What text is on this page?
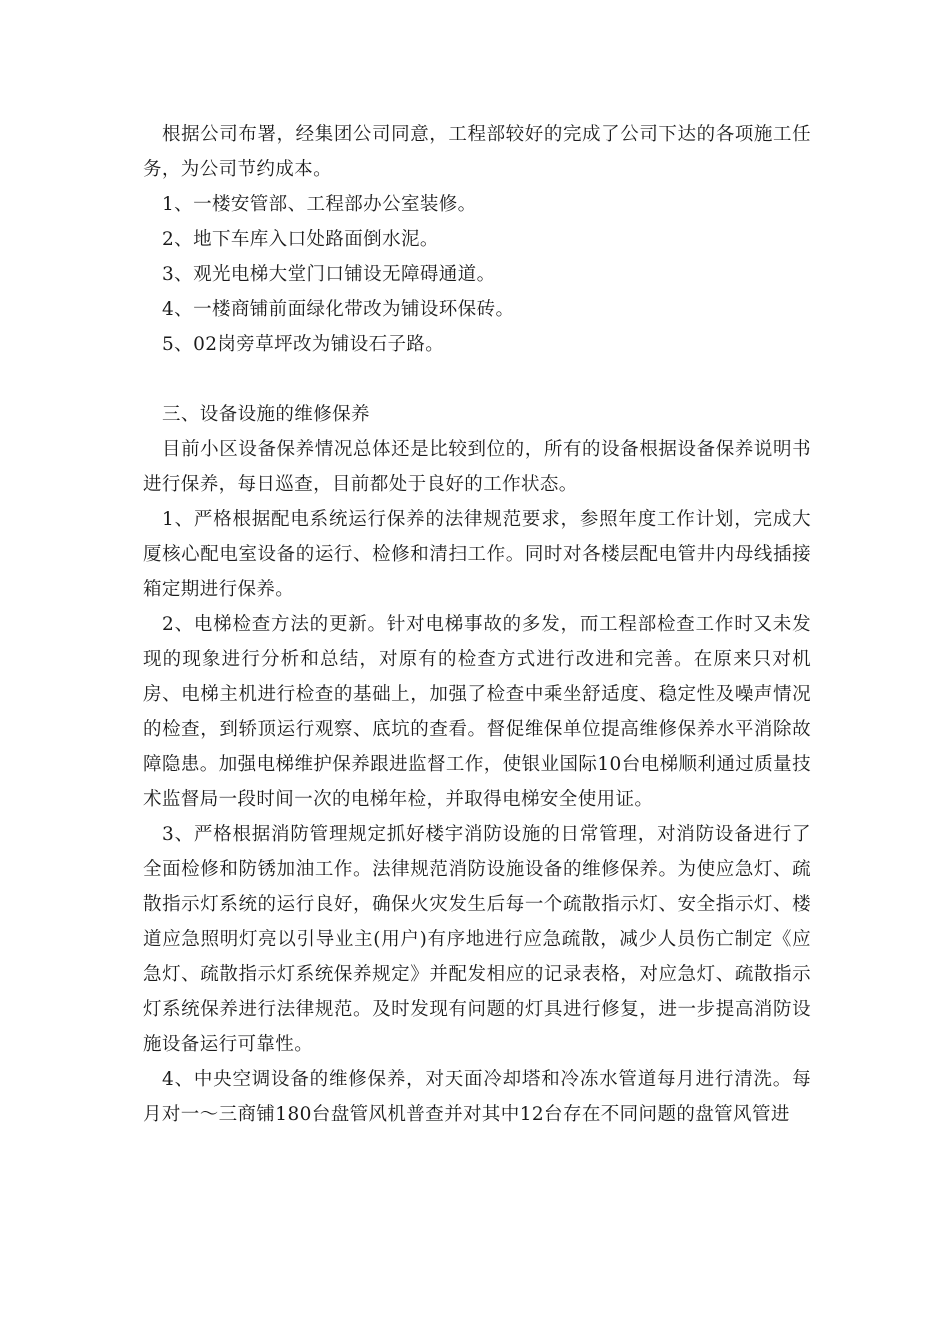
根据公司布署，经集团公司同意，工程部较好的完成了公司下达的各项施工任务，为公司节约成本。

1、一楼安管部、工程部办公室装修。

2、地下车库入口处路面倒水泥。

3、观光电梯大堂门口铺设无障碍通道。

4、一楼商铺前面绿化带改为铺设环保砖。

5、02岗旁草坪改为铺设石子路。

三、设备设施的维修保养

目前小区设备保养情况总体还是比较到位的，所有的设备根据设备保养说明书进行保养，每日巡查，目前都处于良好的工作状态。

1、严格根据配电系统运行保养的法律规范要求，参照年度工作计划，完成大厦核心配电室设备的运行、检修和清扫工作。同时对各楼层配电管井内母线插接箱定期进行保养。

2、电梯检查方法的更新。针对电梯事故的多发，而工程部检查工作时又未发现的现象进行分析和总结，对原有的检查方式进行改进和完善。在原来只对机房、电梯主机进行检查的基础上，加强了检查中乘坐舒适度、稳定性及噪声情况的检查，到轿顶运行观察、底坑的查看。督促维保单位提高维修保养水平消除故障隐患。加强电梯维护保养跟进监督工作，使银业国际10台电梯顺利通过质量技术监督局一段时间一次的电梯年检，并取得电梯安全使用证。

3、严格根据消防管理规定抓好楼宇消防设施的日常管理，对消防设备进行了全面检修和防锈加油工作。法律规范消防设施设备的维修保养。为使应急灯、疏散指示灯系统的运行良好，确保火灾发生后每一个疏散指示灯、安全指示灯、楼道应急照明灯亮以引导业主(用户)有序地进行应急疏散，减少人员伤亡制定《应急灯、疏散指示灯系统保养规定》并配发相应的记录表格，对应急灯、疏散指示灯系统保养进行法律规范。及时发现有问题的灯具进行修复，进一步提高消防设施设备运行可靠性。

4、中央空调设备的维修保养，对天面冷却塔和冷冻水管道每月进行清洗。每月对一～三商铺180台盘管风机普查并对其中12台存在不同问题的盘管风管进
